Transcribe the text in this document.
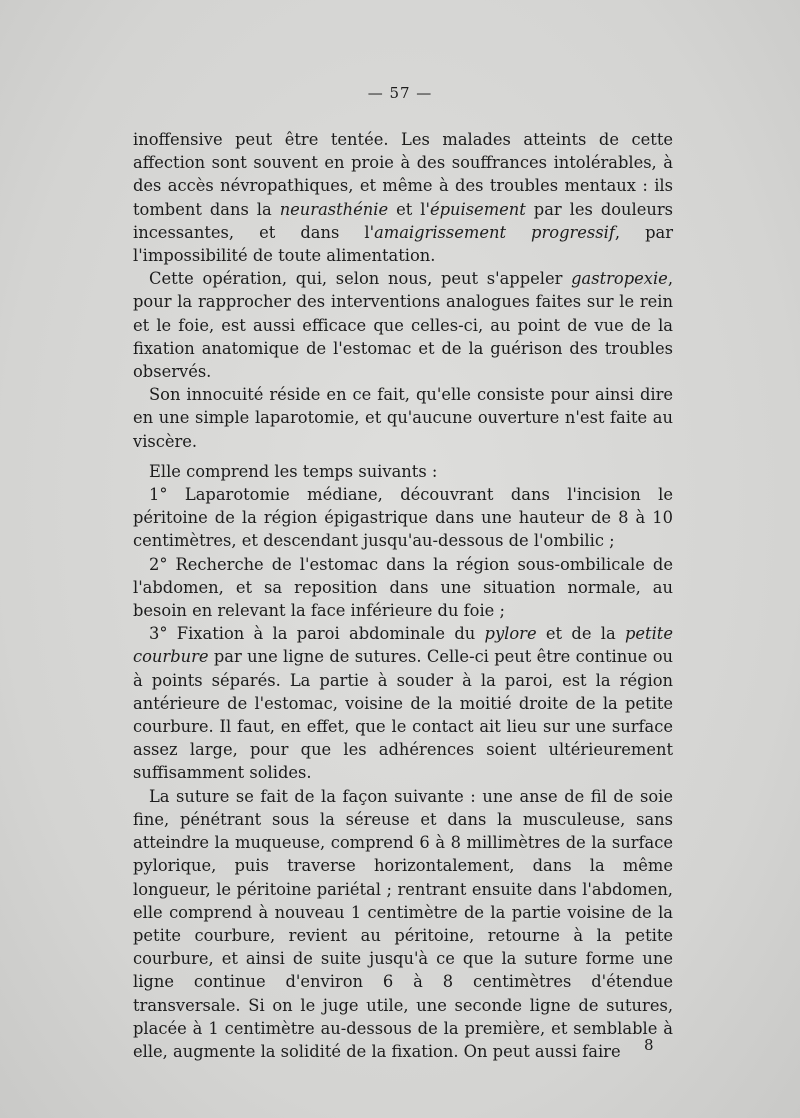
— 57 —

inoffensive peut être tentée. Les malades atteints de cette affection sont souvent en proie à des souffrances intolérables, à des accès névropathiques, et même à des troubles mentaux : ils tombent dans la neurasthénie et l'épuisement par les douleurs incessantes, et dans l'amaigrissement progressif, par l'impossibilité de toute alimentation.

Cette opération, qui, selon nous, peut s'appeler gastropexie, pour la rapprocher des interventions analogues faites sur le rein et le foie, est aussi efficace que celles-ci, au point de vue de la fixation anatomique de l'estomac et de la guérison des troubles observés.

Son innocuité réside en ce fait, qu'elle consiste pour ainsi dire en une simple laparotomie, et qu'aucune ouverture n'est faite au viscère.

Elle comprend les temps suivants :

1° Laparotomie médiane, découvrant dans l'incision le péritoine de la région épigastrique dans une hauteur de 8 à 10 centimètres, et descendant jusqu'au-dessous de l'ombilic ;

2° Recherche de l'estomac dans la région sous-ombilicale de l'abdomen, et sa reposition dans une situation normale, au besoin en relevant la face inférieure du foie ;

3° Fixation à la paroi abdominale du pylore et de la petite courbure par une ligne de sutures. Celle-ci peut être continue ou à points séparés. La partie à souder à la paroi, est la région antérieure de l'estomac, voisine de la moitié droite de la petite courbure. Il faut, en effet, que le contact ait lieu sur une surface assez large, pour que les adhérences soient ultérieurement suffisamment solides.

La suture se fait de la façon suivante : une anse de fil de soie fine, pénétrant sous la séreuse et dans la musculeuse, sans atteindre la muqueuse, comprend 6 à 8 millimètres de la surface pylorique, puis traverse horizontalement, dans la même longueur, le péritoine pariétal ; rentrant ensuite dans l'abdomen, elle comprend à nouveau 1 centimètre de la partie voisine de la petite courbure, revient au péritoine, retourne à la petite courbure, et ainsi de suite jusqu'à ce que la suture forme une ligne continue d'environ 6 à 8 centimètres d'étendue transversale. Si on le juge utile, une seconde ligne de sutures, placée à 1 centimètre au-dessous de la première, et semblable à elle, augmente la solidité de la fixation. On peut aussi faire	8
